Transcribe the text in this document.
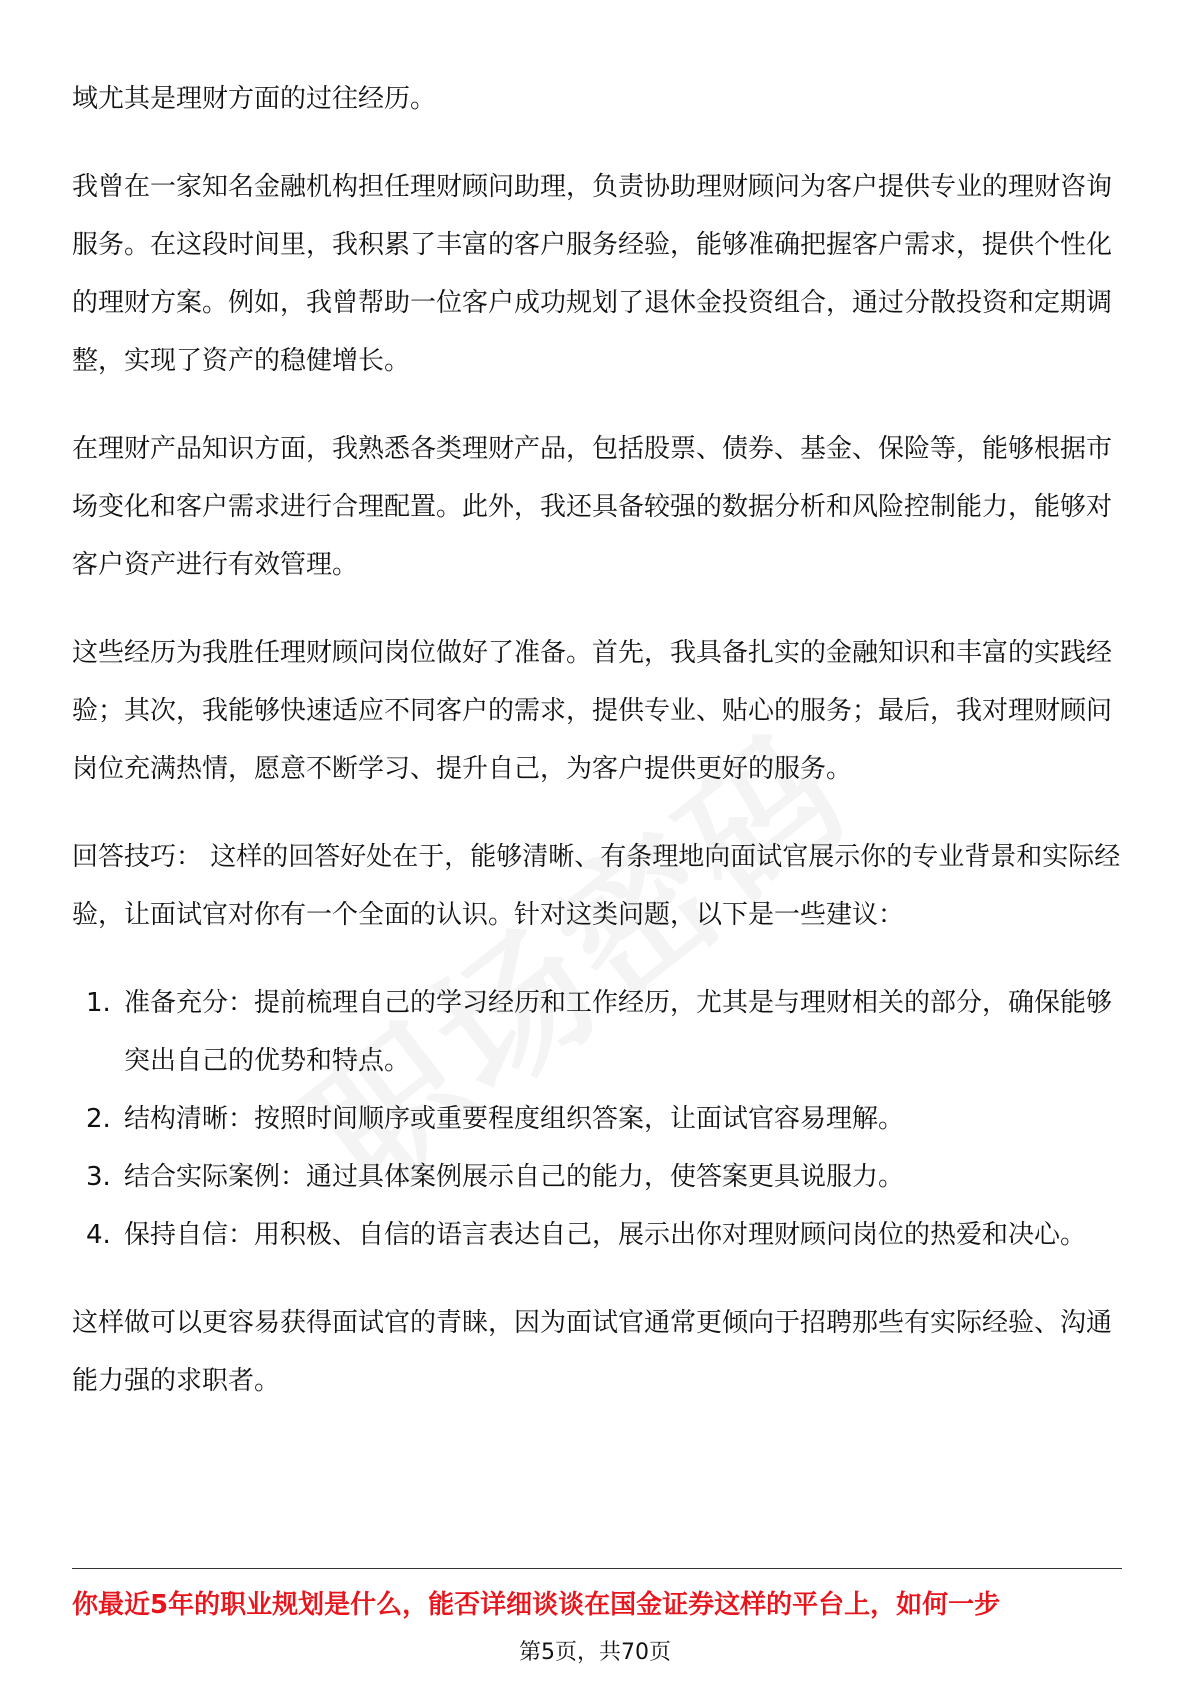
域尤其是理财方面的过往经历。

我曾在一家知名金融机构担任理财顾问助理，负责协助理财顾问为客户提供专业的理财咨询服务。在这段时间里，我积累了丰富的客户服务经验，能够准确把握客户需求，提供个性化的理财方案。例如，我曾帮助一位客户成功规划了退休金投资组合，通过分散投资和定期调整，实现了资产的稳健增长。

在理财产品知识方面，我熟悉各类理财产品，包括股票、债券、基金、保险等，能够根据市场变化和客户需求进行合理配置。此外，我还具备较强的数据分析和风险控制能力，能够对客户资产进行有效管理。

这些经历为我胜任理财顾问岗位做好了准备。首先，我具备扎实的金融知识和丰富的实践经验；其次，我能够快速适应不同客户的需求，提供专业、贴心的服务；最后，我对理财顾问岗位充满热情，愿意不断学习、提升自己，为客户提供更好的服务。

回答技巧： 这样的回答好处在于，能够清晰、有条理地向面试官展示你的专业背景和实际经验，让面试官对你有一个全面的认识。针对这类问题，以下是一些建议：

1. 准备充分：提前梳理自己的学习经历和工作经历，尤其是与理财相关的部分，确保能够突出自己的优势和特点。
2. 结构清晰：按照时间顺序或重要程度组织答案，让面试官容易理解。
3. 结合实际案例：通过具体案例展示自己的能力，使答案更具说服力。
4. 保持自信：用积极、自信的语言表达自己，展示出你对理财顾问岗位的热爱和决心。

这样做可以更容易获得面试官的青睐，因为面试官通常更倾向于招聘那些有实际经验、沟通能力强的求职者。

你最近5年的职业规划是什么，能否详细谈谈在国金证券这样的平台上，如何一步
第5页，共70页
